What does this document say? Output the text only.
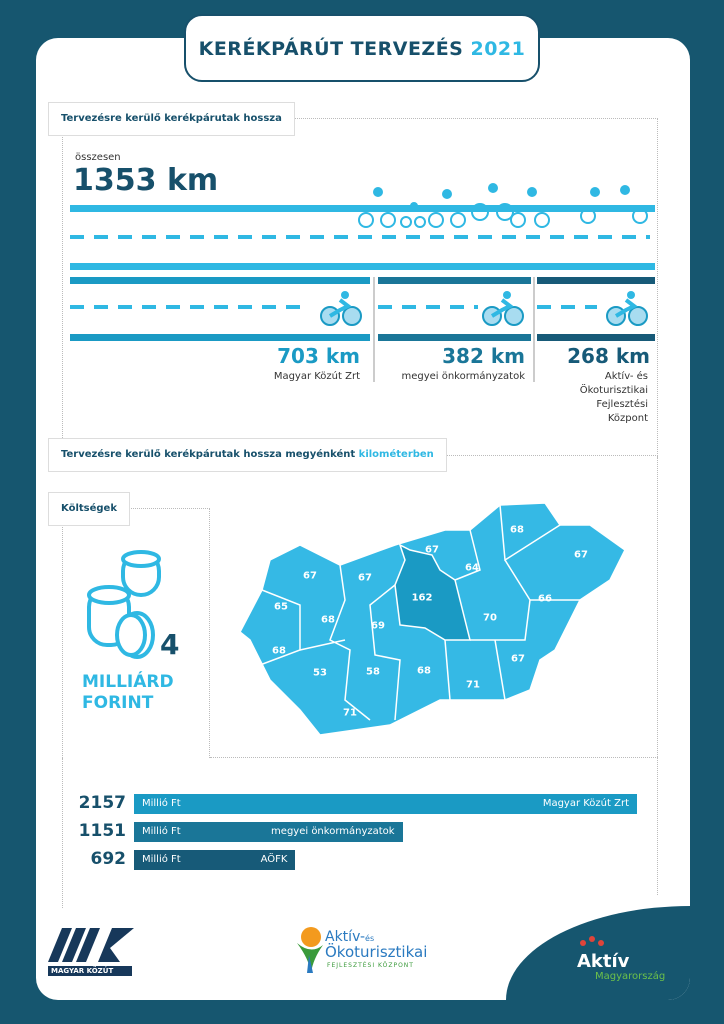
KERÉKPÁRÚT TERVEZÉS 2021
Tervezésre kerülő kerékpárutak hossza
összesen
1353 km
703 km
Magyar Közút Zrt
382 km
megyei önkormányzatok
268 km
Aktív- és
Ökoturisztikai
Fejlesztési
Központ
Tervezésre kerülő kerékpárutak hossza megyénként kilométerben
Költségek
4
MILLIÁRD
FORINT
68
67
67
64
67	67
162
65
66
68
69
70
68
67
53	58	68
71
71
2157	Millió Ft	Magyar Közút Zrt
1151	Millió Ft	megyei önkormányzatok
692	Millió Ft	AÖFK
MAGYAR KÖZÚT
Aktív-és
Ökoturisztikai
FEJLESZTÉSI KÖZPONT	Aktív
Magyarország
